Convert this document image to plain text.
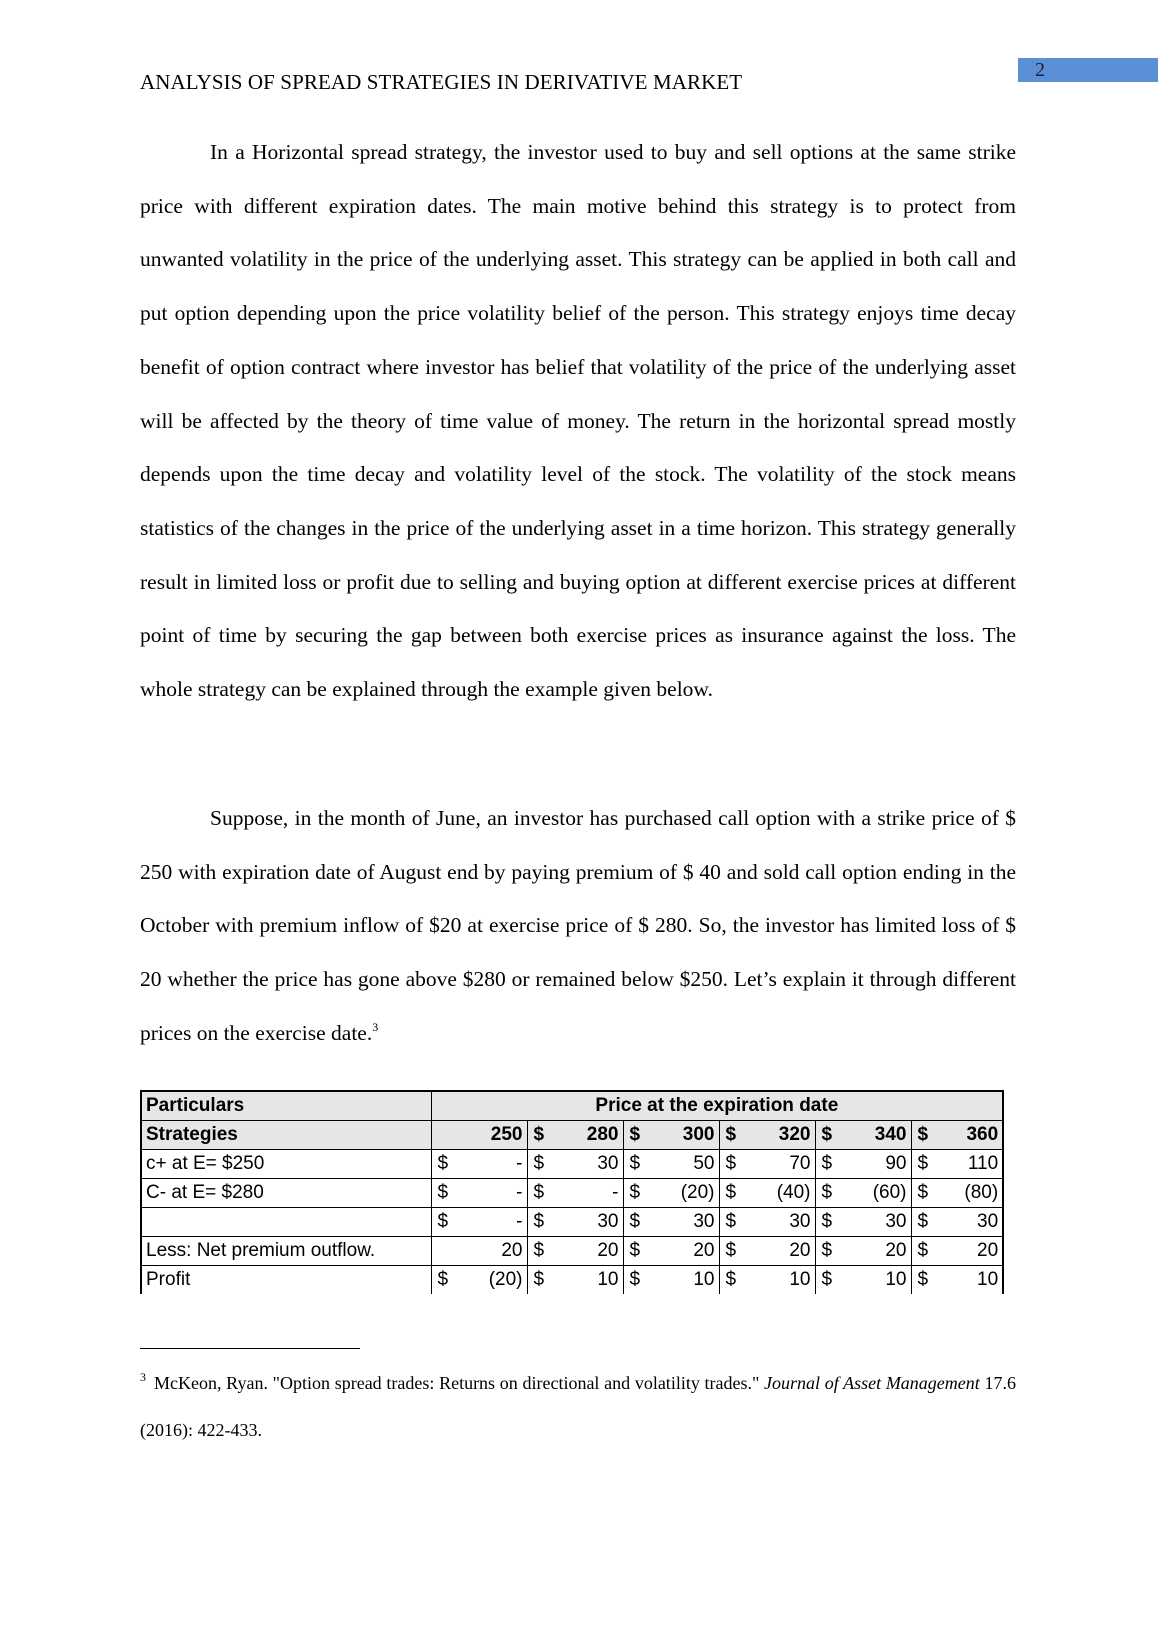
2
ANALYSIS OF SPREAD STRATEGIES IN DERIVATIVE MARKET

In a Horizontal spread strategy, the investor used to buy and sell options at the same strike price with different expiration dates. The main motive behind this strategy is to protect from unwanted volatility in the price of the underlying asset. This strategy can be applied in both call and put option depending upon the price volatility belief of the person. This strategy enjoys time decay benefit of option contract where investor has belief that volatility of the price of the underlying asset will be affected by the theory of time value of money. The return in the horizontal spread mostly depends upon the time decay and volatility level of the stock. The volatility of the stock means statistics of the changes in the price of the underlying asset in a time horizon. This strategy generally result in limited loss or profit due to selling and buying option at different exercise prices at different point of time by securing the gap between both exercise prices as insurance against the loss. The whole strategy can be explained through the example given below.

Suppose, in the month of June, an investor has purchased call option with a strike price of $ 250 with expiration date of August end by paying premium of $ 40 and sold call option ending in the October with premium inflow of $20 at exercise price of $ 280. So, the investor has limited loss of $ 20 whether the price has gone above $280 or remained below $250. Let’s explain it through different prices on the exercise date.$^3$

Particulars	Price at the expiration date											
Strategies		250	$	280	$	300	$	320	$	340	$	360
c+ at E= $250	$	-	$	30	$	50	$	70	$	90	$	110
C- at E= $280	$	-	$	-	$	(20)	$	(40)	$	(60)	$	(80)
	$	-	$	30	$	30	$	30	$	30	$	30
Less: Net premium outflow.		20	$	20	$	20	$	20	$	20	$	20
Profit	$	(20)	$	10	$	10	$	10	$	10	$	10

$^3$ McKeon, Ryan. "Option spread trades: Returns on directional and volatility trades." Journal of Asset Management 17.6 (2016): 422-433.
